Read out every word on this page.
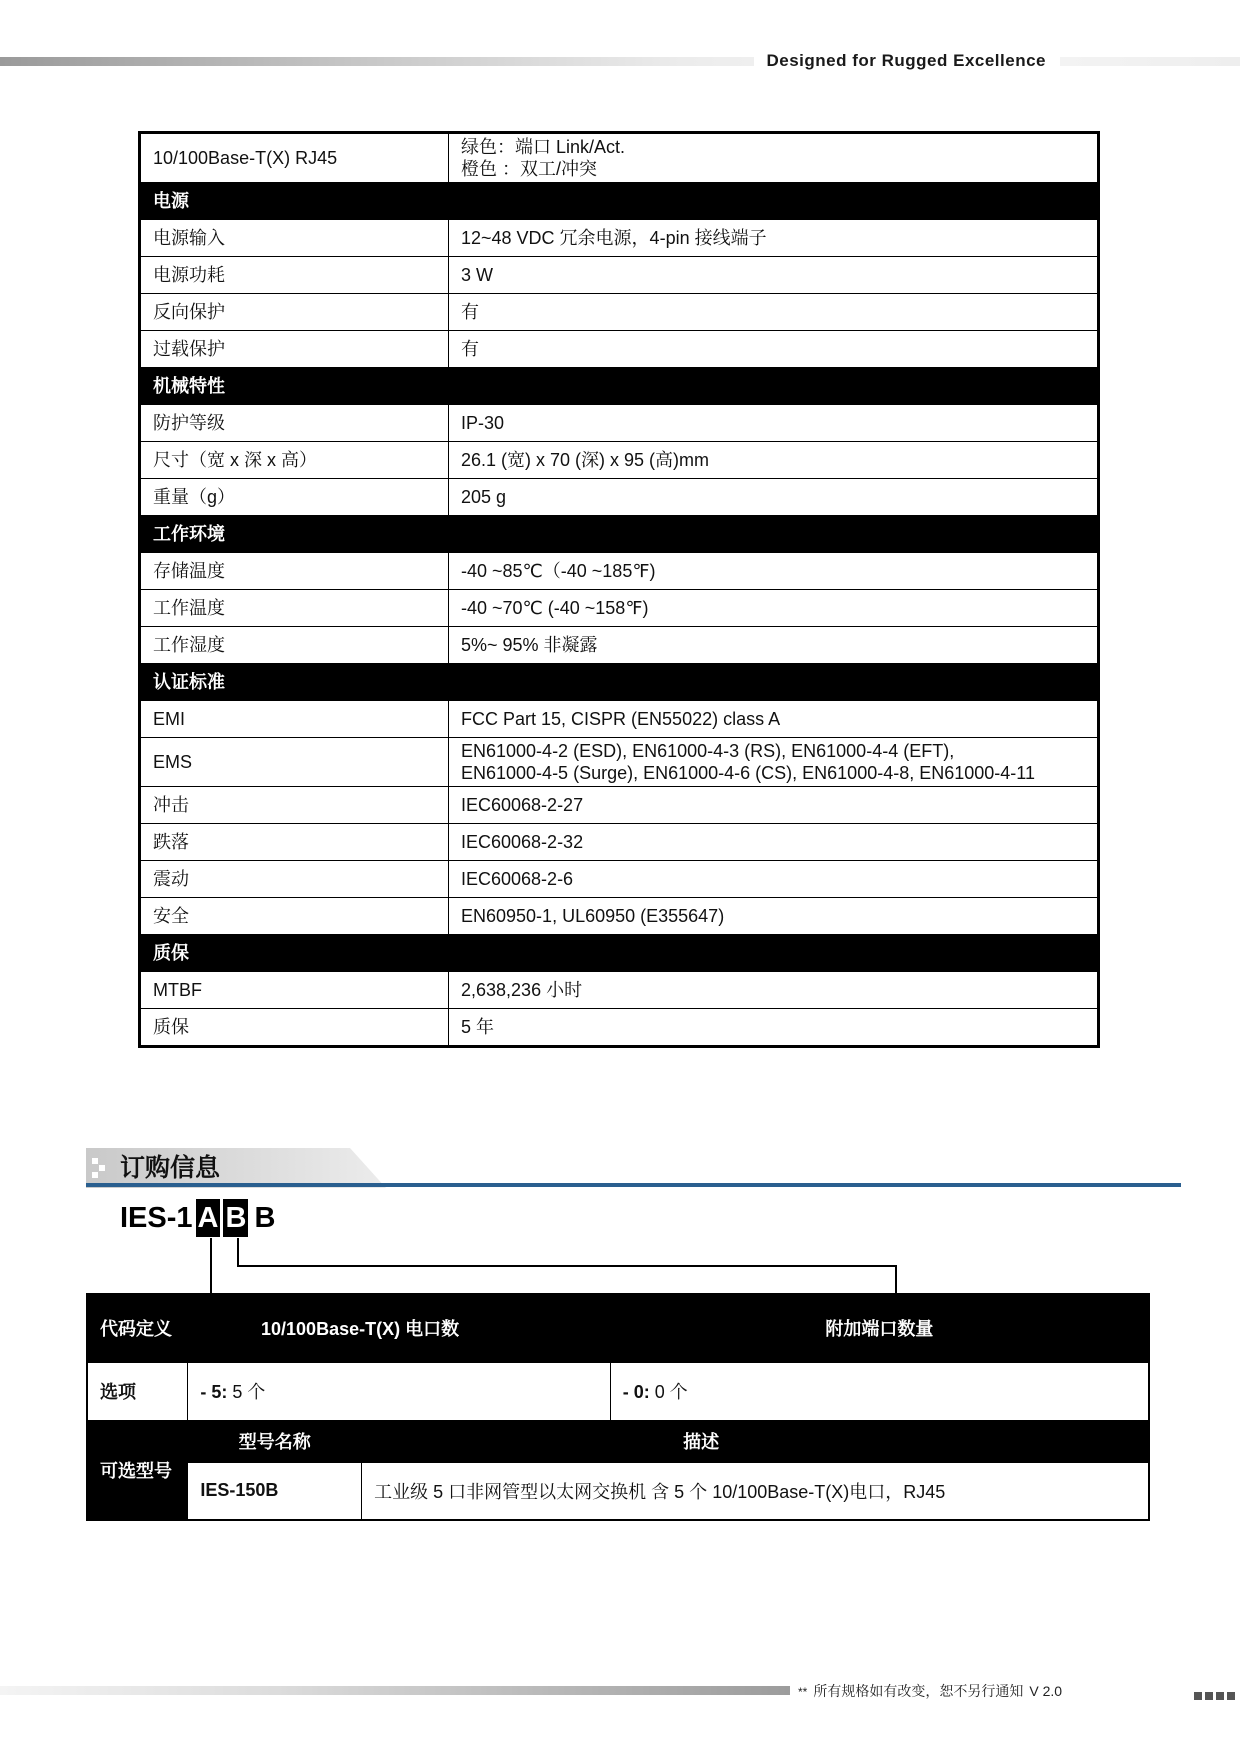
Designed for Rugged Excellence
10/100Base-T(X) RJ45	绿色：端口 Link/Act.
橙色 ：双工/冲突

电源	
电源输入	12~48 VDC 冗余电源，4-pin 接线端子
电源功耗	3 W
反向保护	有
过载保护	有
机械特性	
防护等级	IP-30
尺寸（宽 x 深 x 高）	26.1 (宽) x 70 (深) x 95 (高)mm
重量（g）	205 g
工作环境	
存储温度	-40 ~85℃（-40 ~185℉)
工作温度	-40 ~70℃ (-40 ~158℉)
工作湿度	5%~ 95% 非凝露
认证标准	
EMI	FCC Part 15, CISPR (EN55022) class A
EMS	EN61000-4-2 (ESD), EN61000-4-3 (RS), EN61000-4-4 (EFT),
EN61000-4-5 (Surge), EN61000-4-6 (CS), EN61000-4-8, EN61000-4-11

冲击	IEC60068-2-27
跌落	IEC60068-2-32
震动	IEC60068-2-6
安全	EN60950-1, UL60950 (E355647)
质保	
MTBF	2,638,236 小时
质保	5 年
订购信息
IES-1 A B B
代码定义	10/100Base-T(X) 电口数		附加端口数量
选项	- 5: 5 个		- 0: 0 个
可选型号	型号名称	描述	
	IES-150B	工业级 5 口非网管型以太网交换机 含 5 个 10/100Base-T(X)电口，RJ45	
** 所有规格如有改变，恕不另行通知 V 2.0
